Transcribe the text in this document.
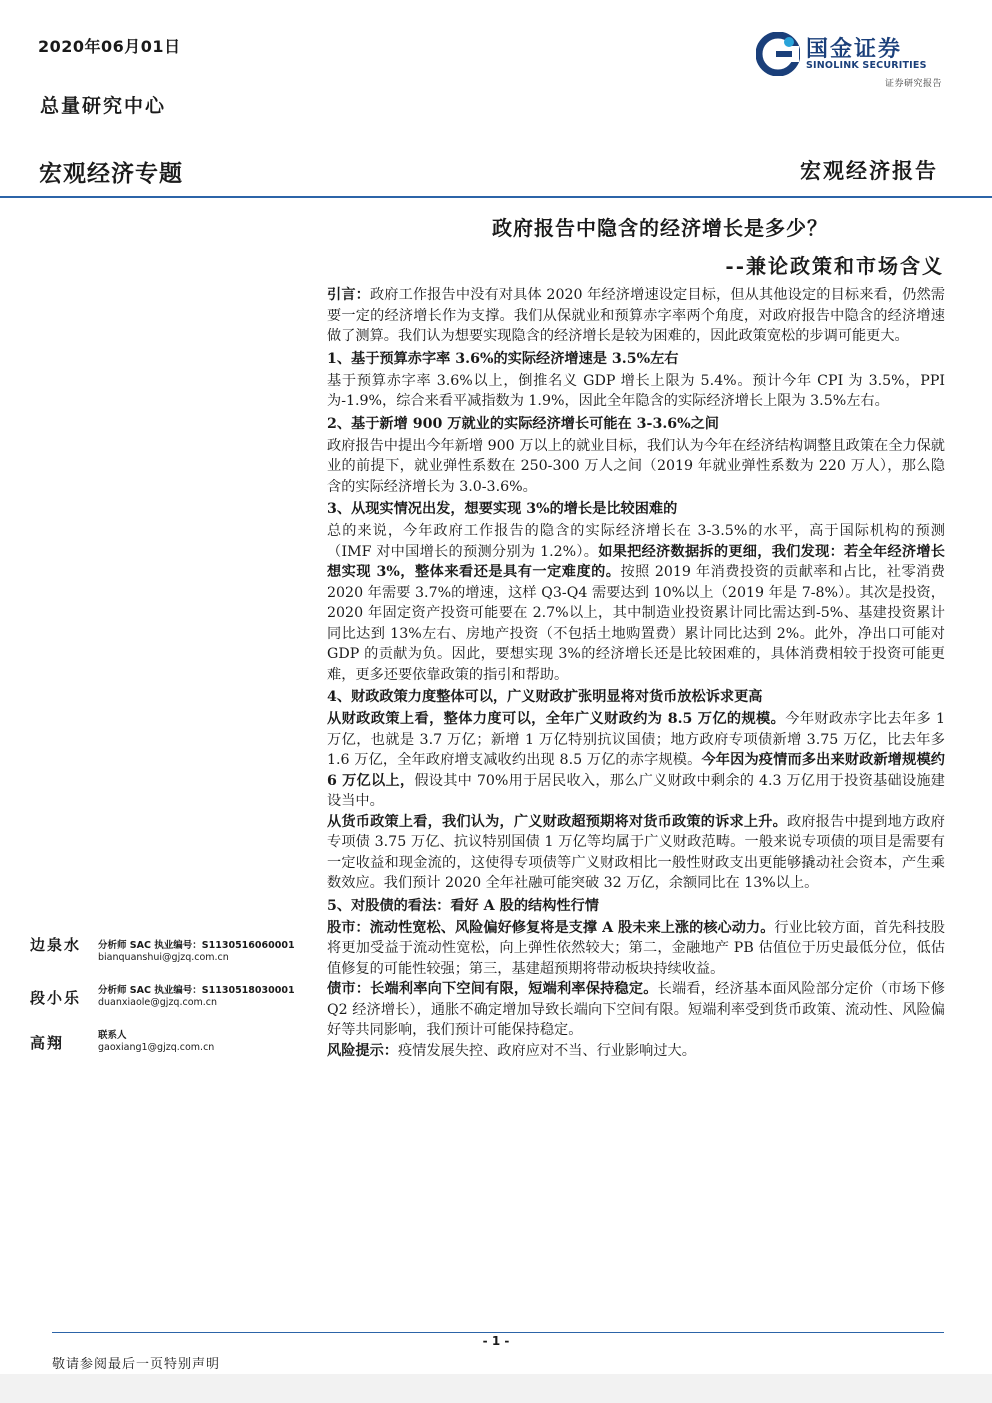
2020年06月01日
总量研究中心
国金证券
SINOLINK SECURITIES
证券研究报告
宏观经济专题	宏观经济报告
政府报告中隐含的经济增长是多少？
--兼论政策和市场含义

引言：政府工作报告中没有对具体 2020 年经济增速设定目标，但从其他设定的目标来看，仍然需要一定的经济增长作为支撑。我们从保就业和预算赤字率两个角度，对政府报告中隐含的经济增速做了测算。我们认为想要实现隐含的经济增长是较为困难的，因此政策宽松的步调可能更大。

1、基于预算赤字率 3.6%的实际经济增速是 3.5%左右

基于预算赤字率 3.6%以上，倒推名义 GDP 增长上限为 5.4%。预计今年 CPI 为 3.5%，PPI 为-1.9%，综合来看平减指数为 1.9%，因此全年隐含的实际经济增长上限为 3.5%左右。

2、基于新增 900 万就业的实际经济增长可能在 3-3.6%之间

政府报告中提出今年新增 900 万以上的就业目标，我们认为今年在经济结构调整且政策在全力保就业的前提下，就业弹性系数在 250-300 万人之间（2019 年就业弹性系数为 220 万人），那么隐含的实际经济增长为 3.0-3.6%。

3、从现实情况出发，想要实现 3%的增长是比较困难的

总的来说，今年政府工作报告的隐含的实际经济增长在 3-3.5%的水平，高于国际机构的预测（IMF 对中国增长的预测分别为 1.2%）。如果把经济数据拆的更细，我们发现：若全年经济增长想实现 3%，整体来看还是具有一定难度的。按照 2019 年消费投资的贡献率和占比，社零消费 2020 年需要 3.7%的增速，这样 Q3-Q4 需要达到 10%以上（2019 年是 7-8%）。其次是投资，2020 年固定资产投资可能要在 2.7%以上，其中制造业投资累计同比需达到-5%、基建投资累计同比达到 13%左右、房地产投资（不包括土地购置费）累计同比达到 2%。此外，净出口可能对 GDP 的贡献为负。因此，要想实现 3%的经济增长还是比较困难的，具体消费相较于投资可能更难，更多还要依靠政策的指引和帮助。

4、财政政策力度整体可以，广义财政扩张明显将对货币放松诉求更高

从财政政策上看，整体力度可以，全年广义财政约为 8.5 万亿的规模。今年财政赤字比去年多 1 万亿，也就是 3.7 万亿；新增 1 万亿特别抗议国债；地方政府专项债新增 3.75 万亿，比去年多 1.6 万亿，全年政府增支减收约出现 8.5 万亿的赤字规模。今年因为疫情而多出来财政新增规模约 6 万亿以上，假设其中 70%用于居民收入，那么广义财政中剩余的 4.3 万亿用于投资基础设施建设当中。

从货币政策上看，我们认为，广义财政超预期将对货币政策的诉求上升。政府报告中提到地方政府专项债 3.75 万亿、抗议特别国债 1 万亿等均属于广义财政范畴。一般来说专项债的项目是需要有一定收益和现金流的，这使得专项债等广义财政相比一般性财政支出更能够撬动社会资本，产生乘数效应。我们预计 2020 全年社融可能突破 32 万亿，余额同比在 13%以上。

5、对股债的看法：看好 A 股的结构性行情

股市：流动性宽松、风险偏好修复将是支撑 A 股未来上涨的核心动力。行业比较方面，首先科技股将更加受益于流动性宽松，向上弹性依然较大；第二，金融地产 PB 估值位于历史最低分位，低估值修复的可能性较强；第三，基建超预期将带动板块持续收益。

债市：长端利率向下空间有限，短端利率保持稳定。长端看，经济基本面风险部分定价（市场下修 Q2 经济增长），通胀不确定增加导致长端向下空间有限。短端利率受到货币政策、流动性、风险偏好等共同影响，我们预计可能保持稳定。

风险提示：疫情发展失控、政府应对不当、行业影响过大。

边泉水 分析师 SAC 执业编号：S1130516060001
bianquanshui@gjzq.com.cn
段小乐 分析师 SAC 执业编号：S1130518030001
duanxiaole@gjzq.com.cn
高翔	联系人
gaoxiang1@gjzq.com.cn
- 1 -
敬请参阅最后一页特别声明
